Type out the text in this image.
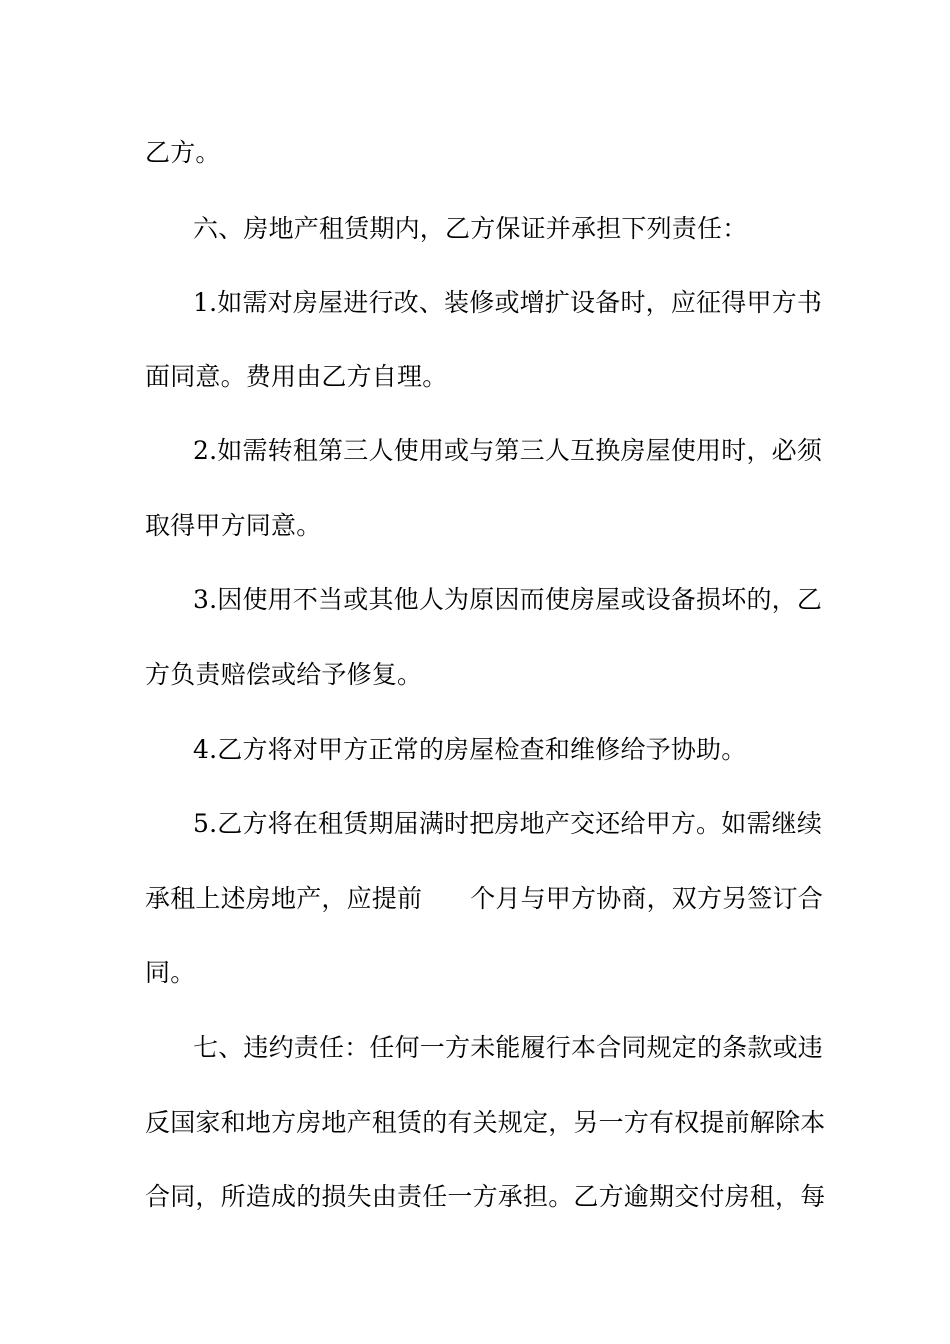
乙方。
六、房地产租赁期内，乙方保证并承担下列责任：
1.如需对房屋进行改、装修或增扩设备时，应征得甲方书
面同意。费用由乙方自理。
2.如需转租第三人使用或与第三人互换房屋使用时，必须
取得甲方同意。
3.因使用不当或其他人为原因而使房屋或设备损坏的，乙
方负责赔偿或给予修复。
4.乙方将对甲方正常的房屋检查和维修给予协助。
5.乙方将在租赁期届满时把房地产交还给甲方。如需继续
承租上述房地产，应提前 个月与甲方协商，双方另签订合
同。
七、违约责任：任何一方未能履行本合同规定的条款或违
反国家和地方房地产租赁的有关规定，另一方有权提前解除本
合同，所造成的损失由责任一方承担。乙方逾期交付房租，每
